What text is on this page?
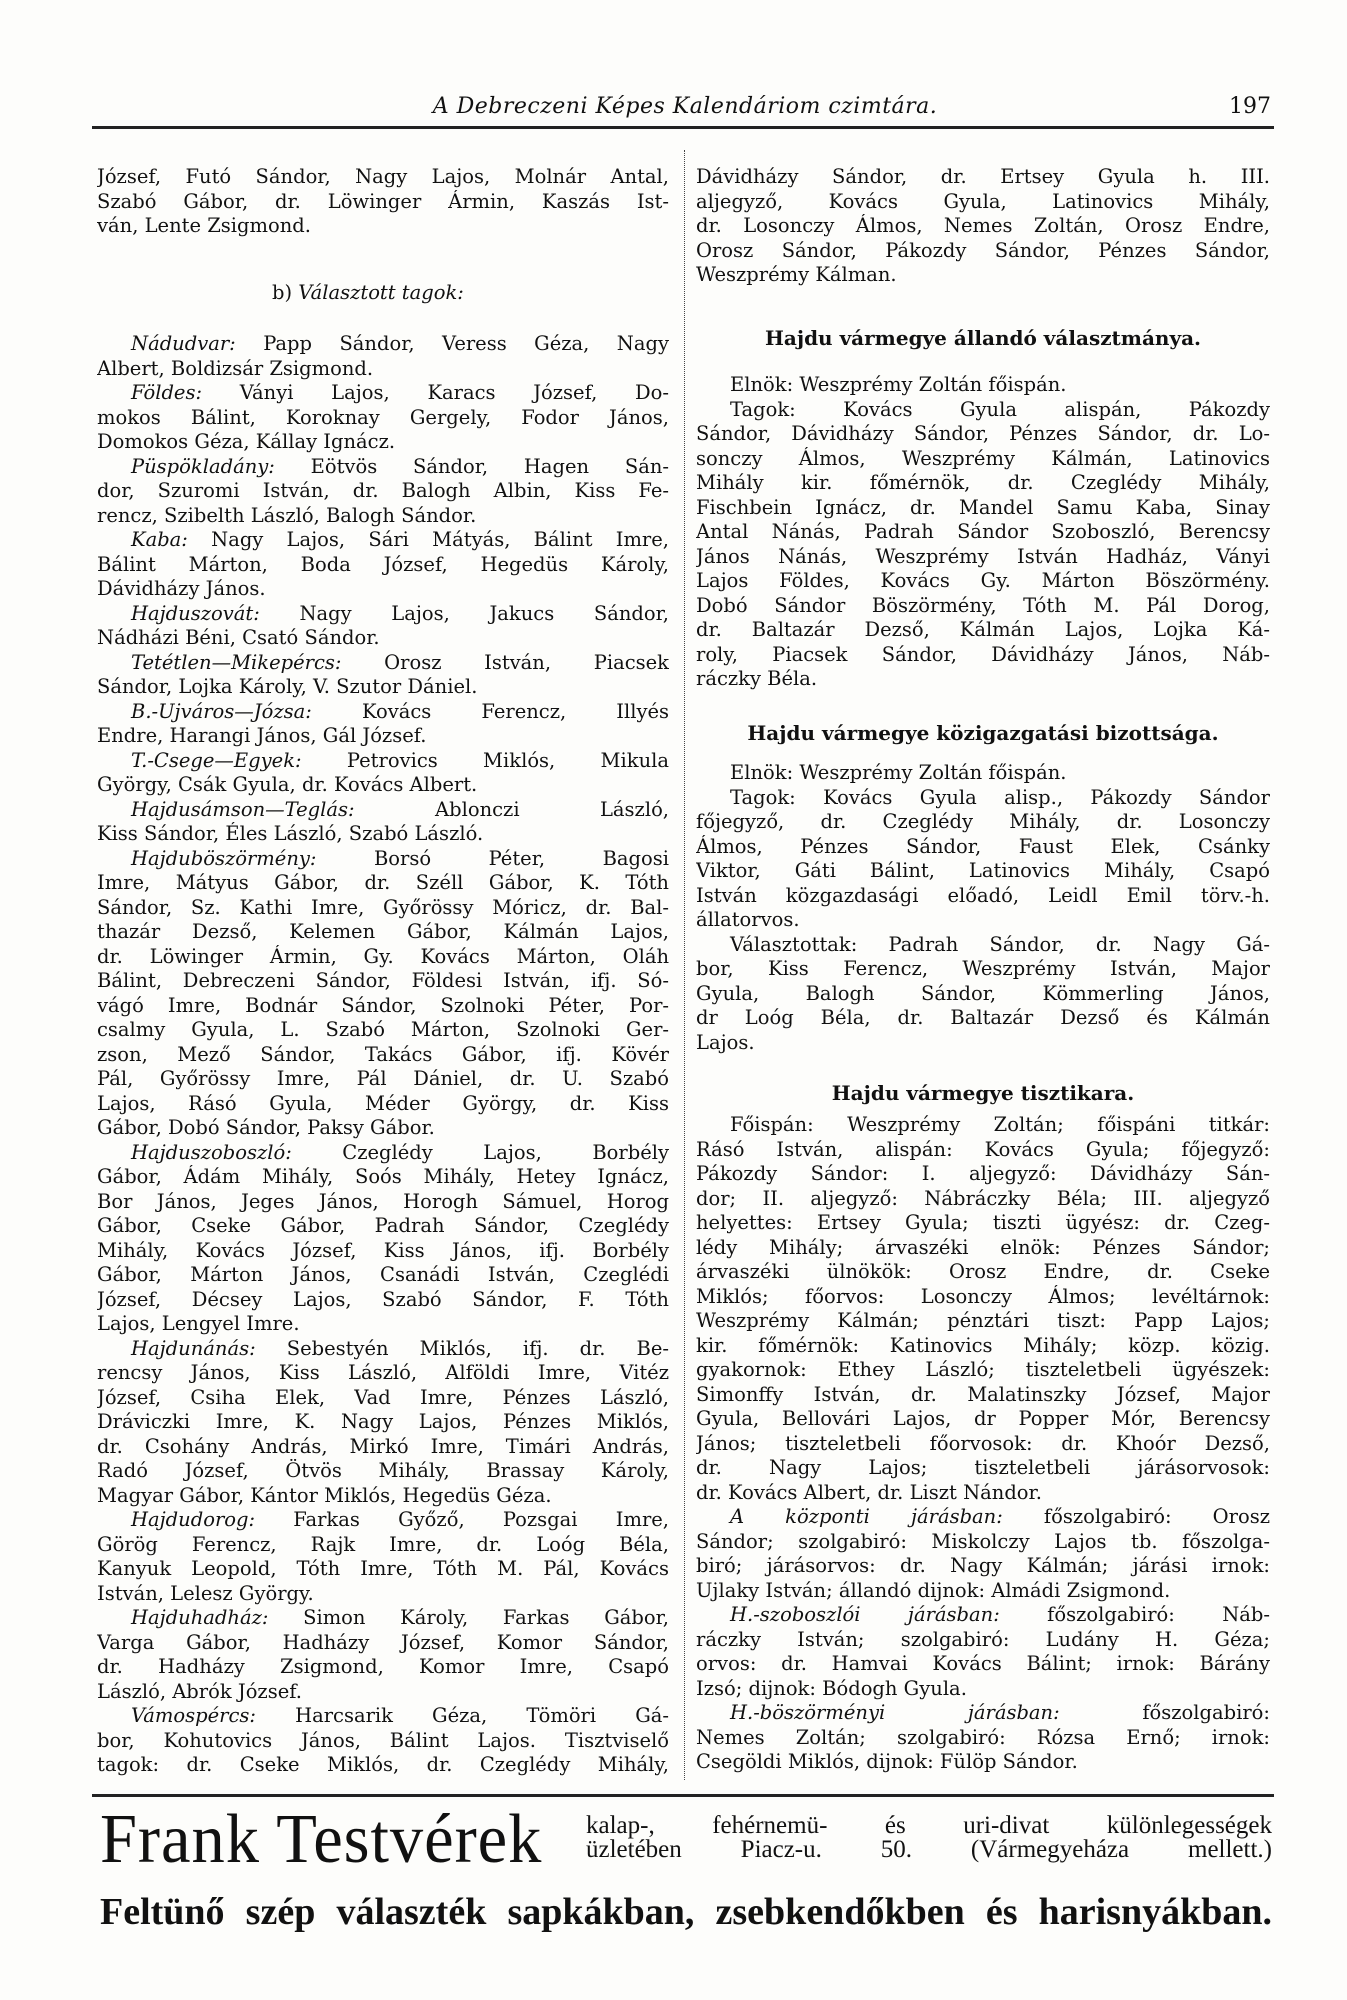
A Debreczeni Képes Kalendáriom czimtára.	197
József, Futó Sándor, Nagy Lajos, Molnár Antal,
Szabó Gábor, dr. Löwinger Ármin, Kaszás Ist-
ván, Lente Zsigmond.
b) Választott tagok:
Nádudvar: Papp Sándor, Veress Géza, Nagy
Albert, Boldizsár Zsigmond.
Földes: Ványi Lajos, Karacs József, Do-
mokos Bálint, Koroknay Gergely, Fodor János,
Domokos Géza, Kállay Ignácz.
Püspökladány: Eötvös Sándor, Hagen Sán-
dor, Szuromi István, dr. Balogh Albin, Kiss Fe-
rencz, Szibelth László, Balogh Sándor.
Kaba: Nagy Lajos, Sári Mátyás, Bálint Imre,
Bálint Márton, Boda József, Hegedüs Károly,
Dávidházy János.
Hajduszovát: Nagy Lajos, Jakucs Sándor,
Nádházi Béni, Csató Sándor.
Tetétlen—Mikepércs: Orosz István, Piacsek
Sándor, Lojka Károly, V. Szutor Dániel.
B.-Ujváros—Józsa:	Kovács Ferencz, Illyés
Endre, Harangi János, Gál József.
T.-Csege—Egyek: Petrovics Miklós, Mikula
György, Csák Gyula, dr. Kovács Albert.
Hajdusámson—Teglás:	Ablonczi László,
Kiss Sándor, Éles László, Szabó László.
Hajduböszörmény:	Borsó Péter, Bagosi
Imre, Mátyus Gábor, dr. Széll Gábor, K. Tóth
Sándor, Sz. Kathi Imre, Győrössy Móricz, dr. Bal-
thazár Dezső, Kelemen Gábor, Kálmán Lajos,
dr. Löwinger Ármin, Gy. Kovács Márton, Oláh
Bálint, Debreczeni Sándor, Földesi István, ifj. Só-
vágó Imre, Bodnár Sándor, Szolnoki Péter, Por-
csalmy Gyula, L. Szabó Márton, Szolnoki Ger-
zson, Mező Sándor, Takács Gábor, ifj. Kövér
Pál, Győrössy Imre, Pál Dániel, dr. U. Szabó
Lajos, Rásó Gyula, Méder György, dr. Kiss
Gábor, Dobó Sándor, Paksy Gábor.
Hajduszoboszló:	Czeglédy Lajos, Borbély
Gábor, Ádám Mihály, Soós Mihály, Hetey Ignácz,
Bor János, Jeges János, Horogh Sámuel, Horog
Gábor, Cseke Gábor, Padrah Sándor, Czeglédy
Mihály, Kovács József, Kiss János, ifj. Borbély
Gábor, Márton János, Csanádi István, Czeglédi
József, Décsey Lajos, Szabó Sándor, F. Tóth
Lajos, Lengyel Imre.
Hajdunánás: Sebestyén Miklós, ifj. dr. Be-
rencsy János, Kiss László, Alföldi Imre, Vitéz
József, Csiha Elek, Vad Imre, Pénzes László,
Dráviczki Imre, K. Nagy Lajos, Pénzes Miklós,
dr. Csohány András, Mirkó Imre, Timári András,
Radó József, Ötvös Mihály, Brassay Károly,
Magyar Gábor, Kántor Miklós, Hegedüs Géza.
Hajdudorog: Farkas Győző, Pozsgai Imre,
Görög Ferencz, Rajk Imre, dr. Loóg Béla,
Kanyuk Leopold, Tóth Imre, Tóth M. Pál, Kovács
István, Lelesz György.
Hajduhadház: Simon Károly, Farkas Gábor,
Varga Gábor, Hadházy József, Komor Sándor,
dr. Hadházy Zsigmond, Komor Imre, Csapó
László, Abrók József.
Vámospércs: Harcsarik Géza, Tömöri Gá-
bor, Kohutovics János, Bálint Lajos. Tisztviselő
tagok: dr. Cseke Miklós, dr. Czeglédy Mihály,
Dávidházy Sándor, dr. Ertsey Gyula h. III.
aljegyző, Kovács Gyula, Latinovics Mihály,
dr. Losonczy Álmos, Nemes Zoltán, Orosz Endre,
Orosz Sándor, Pákozdy Sándor, Pénzes Sándor,
Weszprémy Kálman.
Hajdu vármegye állandó választmánya.
Elnök: Weszprémy Zoltán főispán.
Tagok: Kovács Gyula alispán, Pákozdy
Sándor, Dávidházy Sándor, Pénzes Sándor, dr. Lo-
sonczy Álmos, Weszprémy Kálmán, Latinovics
Mihály kir. főmérnök, dr. Czeglédy Mihály,
Fischbein Ignácz, dr. Mandel Samu Kaba, Sinay
Antal Nánás, Padrah Sándor Szoboszló, Berencsy
János Nánás, Weszprémy István Hadház, Ványi
Lajos Földes, Kovács Gy. Márton Böszörmény.
Dobó Sándor Böszörmény, Tóth M. Pál Dorog,
dr. Baltazár Dezső, Kálmán Lajos, Lojka Ká-
roly, Piacsek Sándor, Dávidházy János, Náb-
ráczky Béla.
Hajdu vármegye közigazgatási bizottsága.
Elnök: Weszprémy Zoltán főispán.
Tagok: Kovács Gyula alisp., Pákozdy Sándor
főjegyző, dr. Czeglédy Mihály, dr. Losonczy
Álmos, Pénzes Sándor, Faust Elek, Csánky
Viktor, Gáti Bálint, Latinovics Mihály, Csapó
István közgazdasági előadó, Leidl Emil törv.-h.
állatorvos.
Választottak: Padrah Sándor, dr. Nagy Gá-
bor, Kiss Ferencz, Weszprémy István, Major
Gyula, Balogh Sándor, Kömmerling János,
dr Loóg Béla, dr. Baltazár Dezső és Kálmán
Lajos.
Hajdu vármegye tisztikara.
Főispán: Weszprémy Zoltán; főispáni titkár:
Rásó István, alispán: Kovács Gyula; főjegyző:
Pákozdy Sándor: I. aljegyző: Dávidházy Sán-
dor; II. aljegyző: Nábráczky Béla; III. aljegyző
helyettes: Ertsey Gyula; tiszti ügyész: dr. Czeg-
lédy Mihály; árvaszéki elnök: Pénzes Sándor;
árvaszéki ülnökök: Orosz Endre, dr. Cseke
Miklós; főorvos: Losonczy Álmos; levéltárnok:
Weszprémy Kálmán; pénztári tiszt: Papp Lajos;
kir. főmérnök: Katinovics Mihály; közp. közig.
gyakornok: Ethey László; tiszteletbeli ügyészek:
Simonffy István, dr. Malatinszky József, Major
Gyula, Bellovári Lajos, dr Popper Mór, Berencsy
János; tiszteletbeli főorvosok: dr. Khoór Dezső,
dr. Nagy Lajos; tiszteletbeli járásorvosok:
dr. Kovács Albert, dr. Liszt Nándor.
A központi járásban: főszolgabiró: Orosz
Sándor; szolgabiró: Miskolczy Lajos tb. főszolga-
biró; járásorvos: dr. Nagy Kálmán; járási irnok:
Ujlaky István; állandó dijnok: Almádi Zsigmond.
H.-szoboszlói járásban: főszolgabiró: Náb-
ráczky István; szolgabiró: Ludány H. Géza;
orvos: dr. Hamvai Kovács Bálint; irnok: Bárány
Izsó; dijnok: Bódogh Gyula.
H.-böszörményi járásban:	főszolgabiró:
Nemes Zoltán; szolgabiró: Rózsa Ernő; irnok:
Csegöldi Miklós, dijnok: Fülöp Sándor.
Frank Testvérek kalap-, fehérnemü- és uri-divat különlegességek
üzletében Piacz-u. 50. (Vármegyeháza mellett.)
Feltünő szép választék sapkákban, zsebkendőkben és harisnyákban.
